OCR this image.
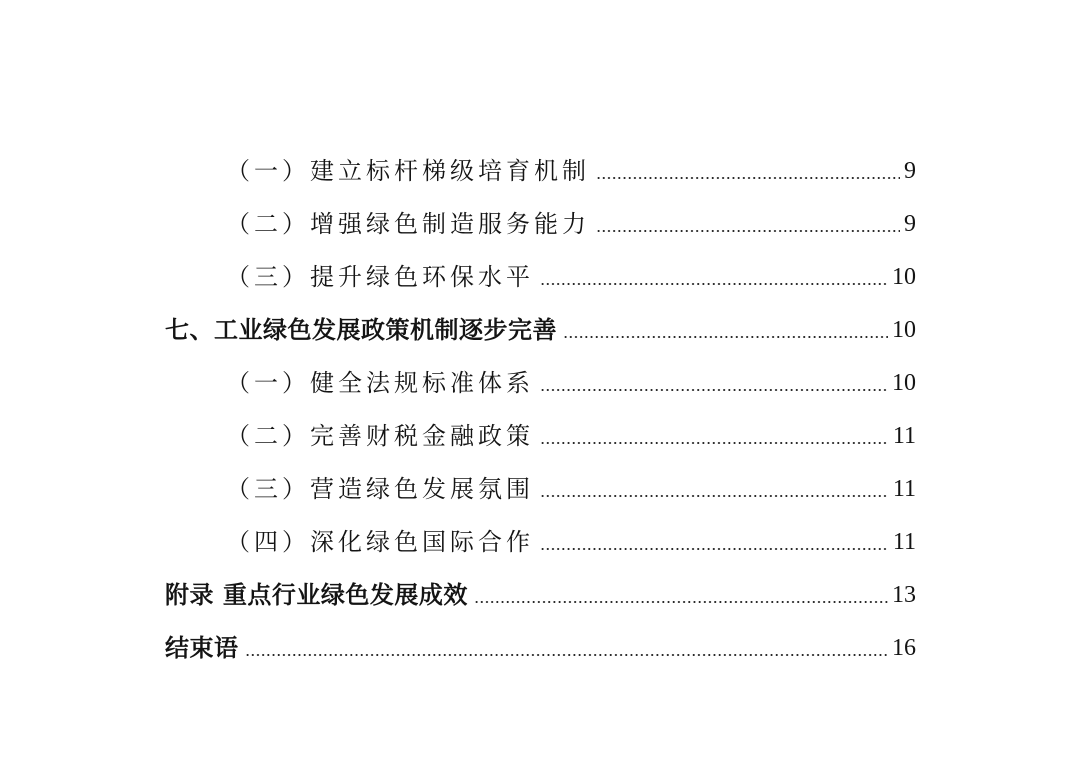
（一）建立标杆梯级培育机制	9
（二）增强绿色制造服务能力	9
（三）提升绿色环保水平	10
七、工业绿色发展政策机制逐步完善	10
（一）健全法规标准体系	10
（二）完善财税金融政策	11
（三）营造绿色发展氛围	11
（四）深化绿色国际合作	11
附录 重点行业绿色发展成效	13
结束语	16
